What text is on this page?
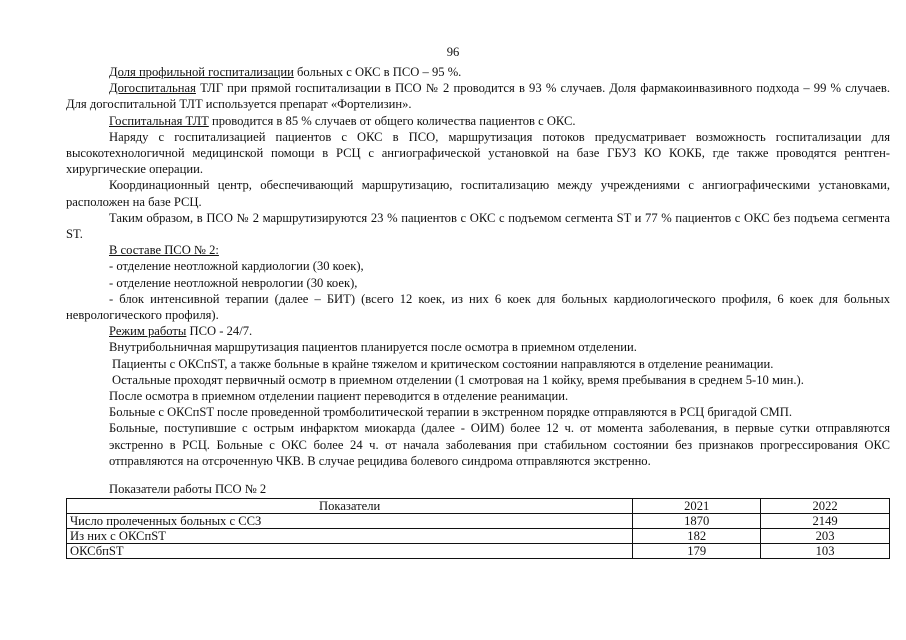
96

Доля профильной госпитализации больных с ОКС в ПСО – 95 %.

Догоспитальная ТЛГ при прямой госпитализации в ПСО № 2 проводится в 93 % случаев. Доля фармакоинвазивного подхода – 99 % случаев. Для догоспитальной ТЛТ используется препарат «Фортелизин».

Госпитальная ТЛТ проводится в 85 % случаев от общего количества пациентов с ОКС.

Наряду с госпитализацией пациентов с ОКС в ПСО, маршрутизация потоков предусматривает возможность госпитализации для высокотехнологичной медицинской помощи в РСЦ с ангиографической установкой на базе ГБУЗ КО КОКБ, где также проводятся рентген-хирургические операции.

Координационный центр, обеспечивающий маршрутизацию, госпитализацию между учреждениями с ангиографическими установками, расположен на базе РСЦ.

Таким образом, в ПСО № 2 маршрутизируются 23 % пациентов с ОКС с подъемом сегмента ST и 77 % пациентов с ОКС без подъема сегмента ST.

В составе ПСО № 2:

- отделение неотложной кардиологии (30 коек),

- отделение неотложной неврологии (30 коек),

- блок интенсивной терапии (далее – БИТ) (всего 12 коек, из них 6 коек для больных кардиологического профиля, 6 коек для больных неврологического профиля).

Режим работы ПСО - 24/7.

Внутрибольничная маршрутизация пациентов планируется после осмотра в приемном отделении.

Пациенты с ОКСпST, а также больные в крайне тяжелом и критическом состоянии направляются в отделение реанимации.

Остальные проходят первичный осмотр в приемном отделении (1 смотровая на 1 койку, время пребывания в среднем 5-10 мин.).

После осмотра в приемном отделении пациент переводится в отделение реанимации.

Больные с ОКСпST после проведенной тромболитической терапии в экстренном порядке отправляются в РСЦ бригадой СМП.

Больные, поступившие с острым инфарктом миокарда (далее - ОИМ) более 12 ч. от момента заболевания, в первые сутки отправляются экстренно в РСЦ. Больные с ОКС более 24 ч. от начала заболевания при стабильном состоянии без признаков прогрессирования ОКС отправляются на отсроченную ЧКВ. В случае рецидива болевого синдрома отправляются экстренно.

Показатели работы ПСО № 2
Показатели	2021	2022
Число пролеченных больных с ССЗ	1870	2149
Из них с ОКСпST	182	203
ОКСбпST	179	103
